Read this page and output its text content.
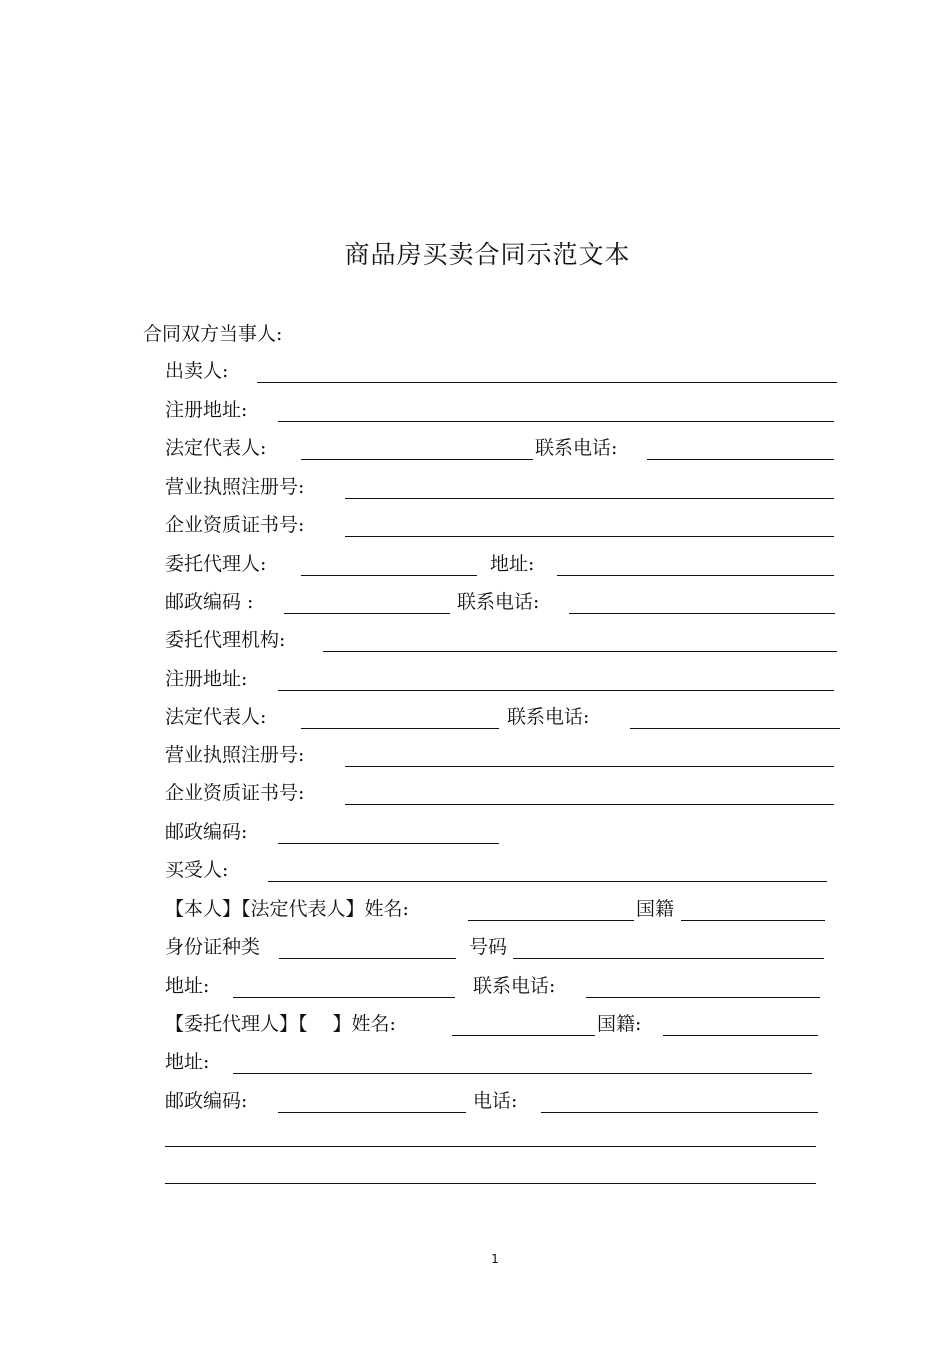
商品房买卖合同示范文本
合同双方当事人:
出卖人:
注册地址:
法定代表人:	联系电话:
营业执照注册号:
企业资质证书号:
委托代理人:	地址:
邮政编码 :	联系电话:
委托代理机构:
注册地址:
法定代表人:	联系电话:
营业执照注册号:
企业资质证书号:
邮政编码:
买受人:
【本人】【法定代表人】姓名:	国籍
身份证种类	号码
地址:	联系电话:
【委托代理人】【　 】姓名:	国籍:
地址:
邮政编码:	电话:
1
